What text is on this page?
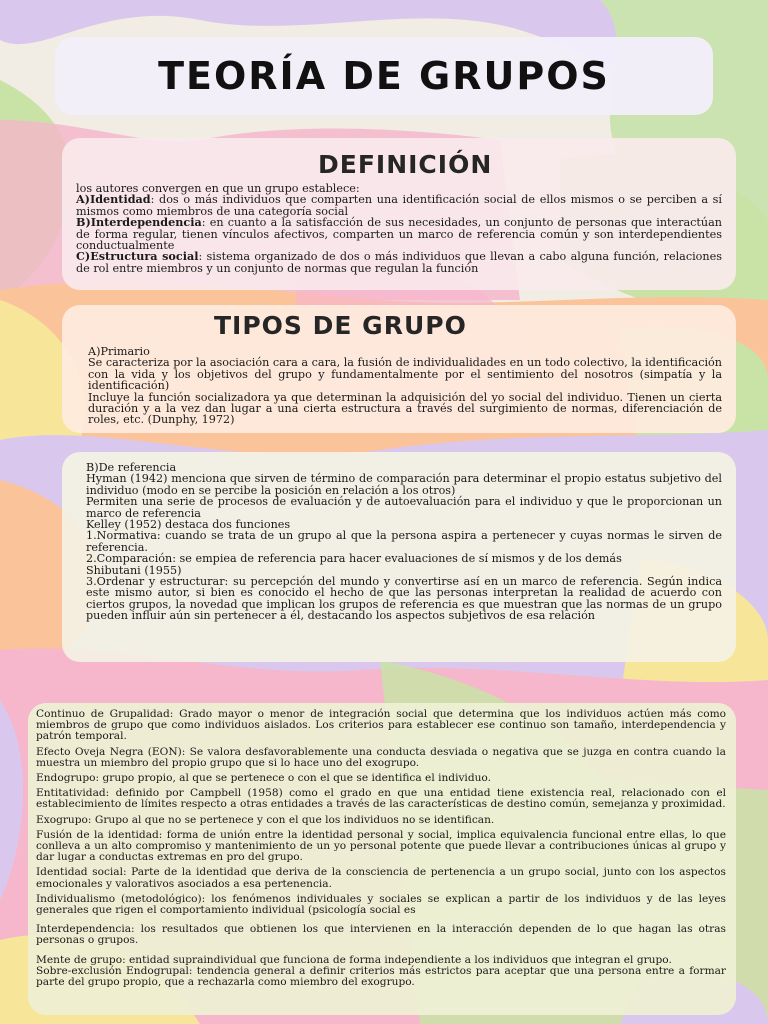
TEORÍA DE GRUPOS
DEFINICIÓN

los autores convergen en que un grupo establece:

A)Identidad: dos o más individuos que comparten una identificación social de ellos mismos o se perciben a sí mismos como miembros de una categoría social

B)Interdependencia: en cuanto a la satisfacción de sus necesidades, un conjunto de personas que interactúan de forma regular, tienen vínculos afectivos, comparten un marco de referencia común y son interdependientes conductualmente

C)Estructura social: sistema organizado de dos o más individuos que llevan a cabo alguna función, relaciones de rol entre miembros y un conjunto de normas que regulan la función

TIPOS DE GRUPO

A)Primario

Se caracteriza por la asociación cara a cara, la fusión de individualidades en un todo colectivo, la identificación con la vida y los objetivos del grupo y fundamentalmente por el sentimiento del nosotros (simpatía y la identificación)

Incluye la función socializadora ya que determinan la adquisición del yo social del individuo. Tienen un cierta duración y a la vez dan lugar a una cierta estructura a través del surgimiento de normas, diferenciación de roles, etc. (Dunphy, 1972)

B)De referencia

Hyman (1942) menciona que sirven de término de comparación para determinar el propio estatus subjetivo del individuo (modo en se percibe la posición en relación a los otros)

Permiten una serie de procesos de evaluación y de autoevaluación para el individuo y que le proporcionan un marco de referencia

Kelley (1952) destaca dos funciones

1.Normativa: cuando se trata de un grupo al que la persona aspira a pertenecer y cuyas normas le sirven de referencia.

2.Comparación: se empiea de referencia para hacer evaluaciones de sí mismos y de los demás

Shibutani (1955)

3.Ordenar y estructurar: su percepción del mundo y convertirse así en un marco de referencia. Según indica este mismo autor, si bien es conocido el hecho de que las personas interpretan la realidad de acuerdo con ciertos grupos, la novedad que implican los grupos de referencia es que muestran que las normas de un grupo pueden influir aún sin pertenecer a él, destacando los aspectos subjetivos de esa relación

Continuo de Grupalidad: Grado mayor o menor de integración social que determina que los individuos actúen más como miembros de grupo que como individuos aislados. Los criterios para establecer ese continuo son tamaño, interdependencia y patrón temporal.

Efecto Oveja Negra (EON): Se valora desfavorablemente una conducta desviada o negativa que se juzga en contra cuando la muestra un miembro del propio grupo que si lo hace uno del exogrupo.

Endogrupo: grupo propio, al que se pertenece o con el que se identifica el individuo.

Entitatividad: definido por Campbell (1958) como el grado en que una entidad tiene existencia real, relacionado con el establecimiento de límites respecto a otras entidades a través de las características de destino común, semejanza y proximidad.

Exogrupo: Grupo al que no se pertenece y con el que los individuos no se identifican.

Fusión de la identidad: forma de unión entre la identidad personal y social, implica equivalencia funcional entre ellas, lo que conlleva a un alto compromiso y mantenimiento de un yo personal potente que puede llevar a contribuciones únicas al grupo y dar lugar a conductas extremas en pro del grupo.

Identidad social: Parte de la identidad que deriva de la consciencia de pertenencia a un grupo social, junto con los aspectos emocionales y valorativos asociados a esa pertenencia.

Individualismo (metodológico): los fenómenos individuales y sociales se explican a partir de los individuos y de las leyes generales que rigen el comportamiento individual (psicología social es

Interdependencia: los resultados que obtienen los que intervienen en la interacción dependen de lo que hagan las otras personas o grupos.

Mente de grupo: entidad supraindividual que funciona de forma independiente a los individuos que integran el grupo.

Sobre-exclusión Endogrupal: tendencia general a definir criterios más estrictos para aceptar que una persona entre a formar parte del grupo propio, que a rechazarla como miembro del exogrupo.
